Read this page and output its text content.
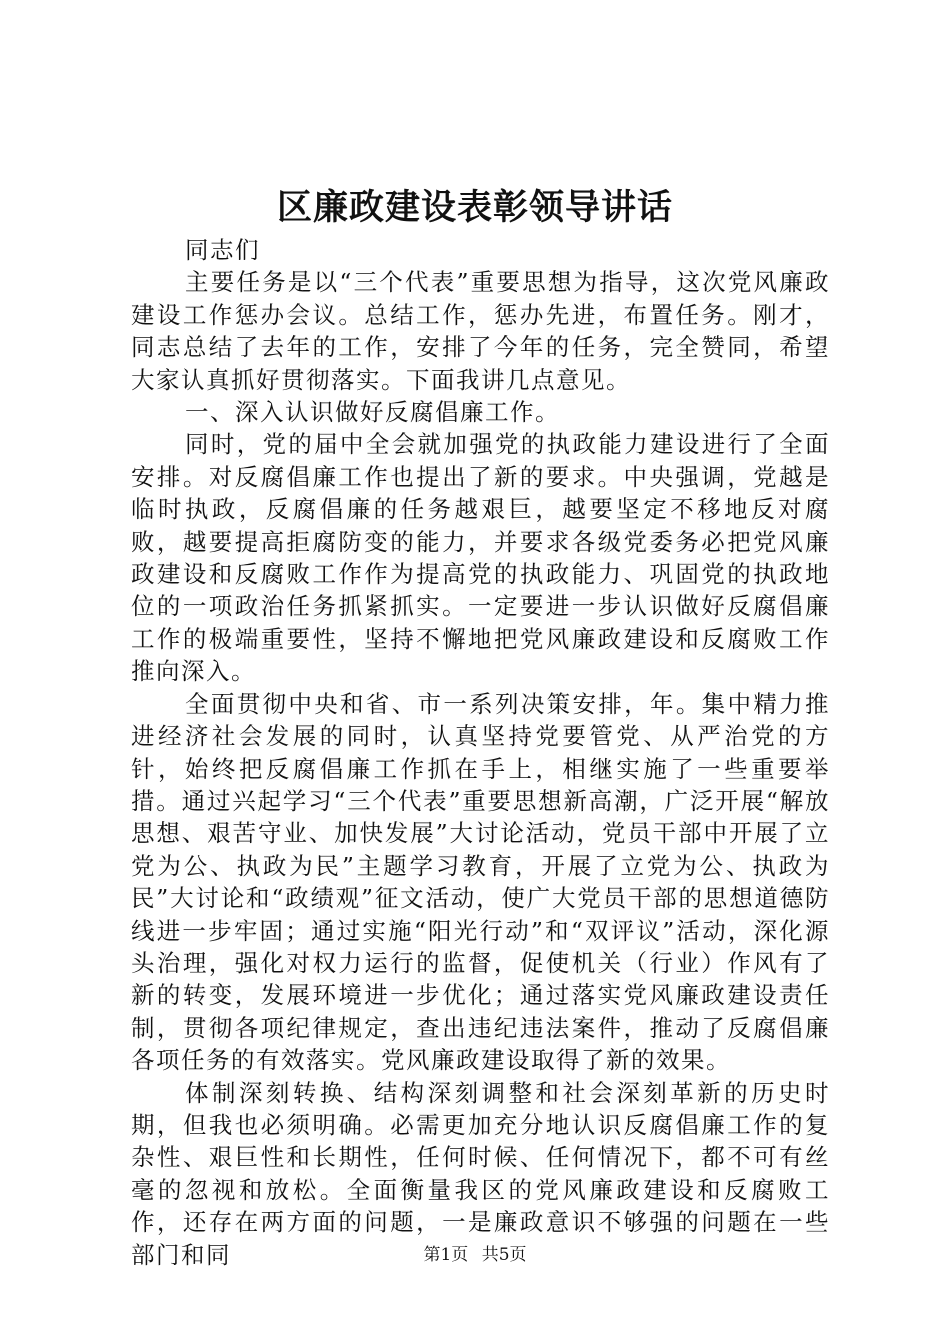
区廉政建设表彰领导讲话

同志们

主要任务是以“三个代表”重要思想为指导，这次党风廉政建设工作惩办会议。总结工作，惩办先进，布置任务。刚才，同志总结了去年的工作，安排了今年的任务，完全赞同，希望大家认真抓好贯彻落实。下面我讲几点意见。

一、深入认识做好反腐倡廉工作。

同时，党的届中全会就加强党的执政能力建设进行了全面安排。对反腐倡廉工作也提出了新的要求。中央强调，党越是临时执政，反腐倡廉的任务越艰巨，越要坚定不移地反对腐败，越要提高拒腐防变的能力，并要求各级党委务必把党风廉政建设和反腐败工作作为提高党的执政能力、巩固党的执政地位的一项政治任务抓紧抓实。一定要进一步认识做好反腐倡廉工作的极端重要性，坚持不懈地把党风廉政建设和反腐败工作推向深入。

全面贯彻中央和省、市一系列决策安排，年。集中精力推进经济社会发展的同时，认真坚持党要管党、从严治党的方针，始终把反腐倡廉工作抓在手上，相继实施了一些重要举措。通过兴起学习“三个代表”重要思想新高潮，广泛开展“解放思想、艰苦守业、加快发展”大讨论活动，党员干部中开展了立党为公、执政为民”主题学习教育，开展了立党为公、执政为民”大讨论和“政绩观”征文活动，使广大党员干部的思想道德防线进一步牢固；通过实施“阳光行动”和“双评议”活动，深化源头治理，强化对权力运行的监督，促使机关（行业）作风有了新的转变，发展环境进一步优化；通过落实党风廉政建设责任制，贯彻各项纪律规定，查出违纪违法案件，推动了反腐倡廉各项任务的有效落实。党风廉政建设取得了新的效果。

体制深刻转换、结构深刻调整和社会深刻革新的历史时期，但我也必须明确。必需更加充分地认识反腐倡廉工作的复杂性、艰巨性和长期性，任何时候、任何情况下，都不可有丝毫的忽视和放松。全面衡量我区的党风廉政建设和反腐败工作，还存在两方面的问题，一是廉政意识不够强的问题在一些部门和同	第1页 共5页
